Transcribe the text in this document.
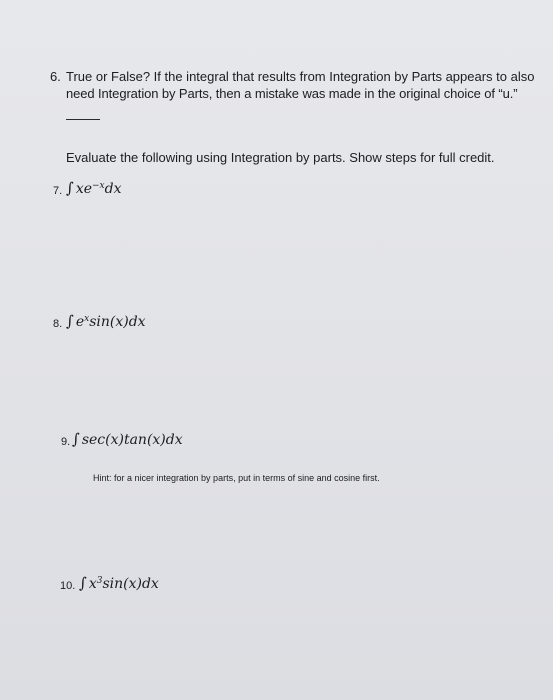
6. True or False? If the integral that results from Integration by Parts appears to also
need Integration by Parts, then a mistake was made in the original choice of “u.”
Evaluate the following using Integration by parts. Show steps for full credit.
7. ∫ $xe^{-x}dx$
8. ∫ $e^x\sin(x)dx$
9. ∫ sec(x)tan(x)dx
Hint: for a nicer integration by parts, put in terms of sine and cosine first.
10. ∫ $x^3\sin(x)dx$
